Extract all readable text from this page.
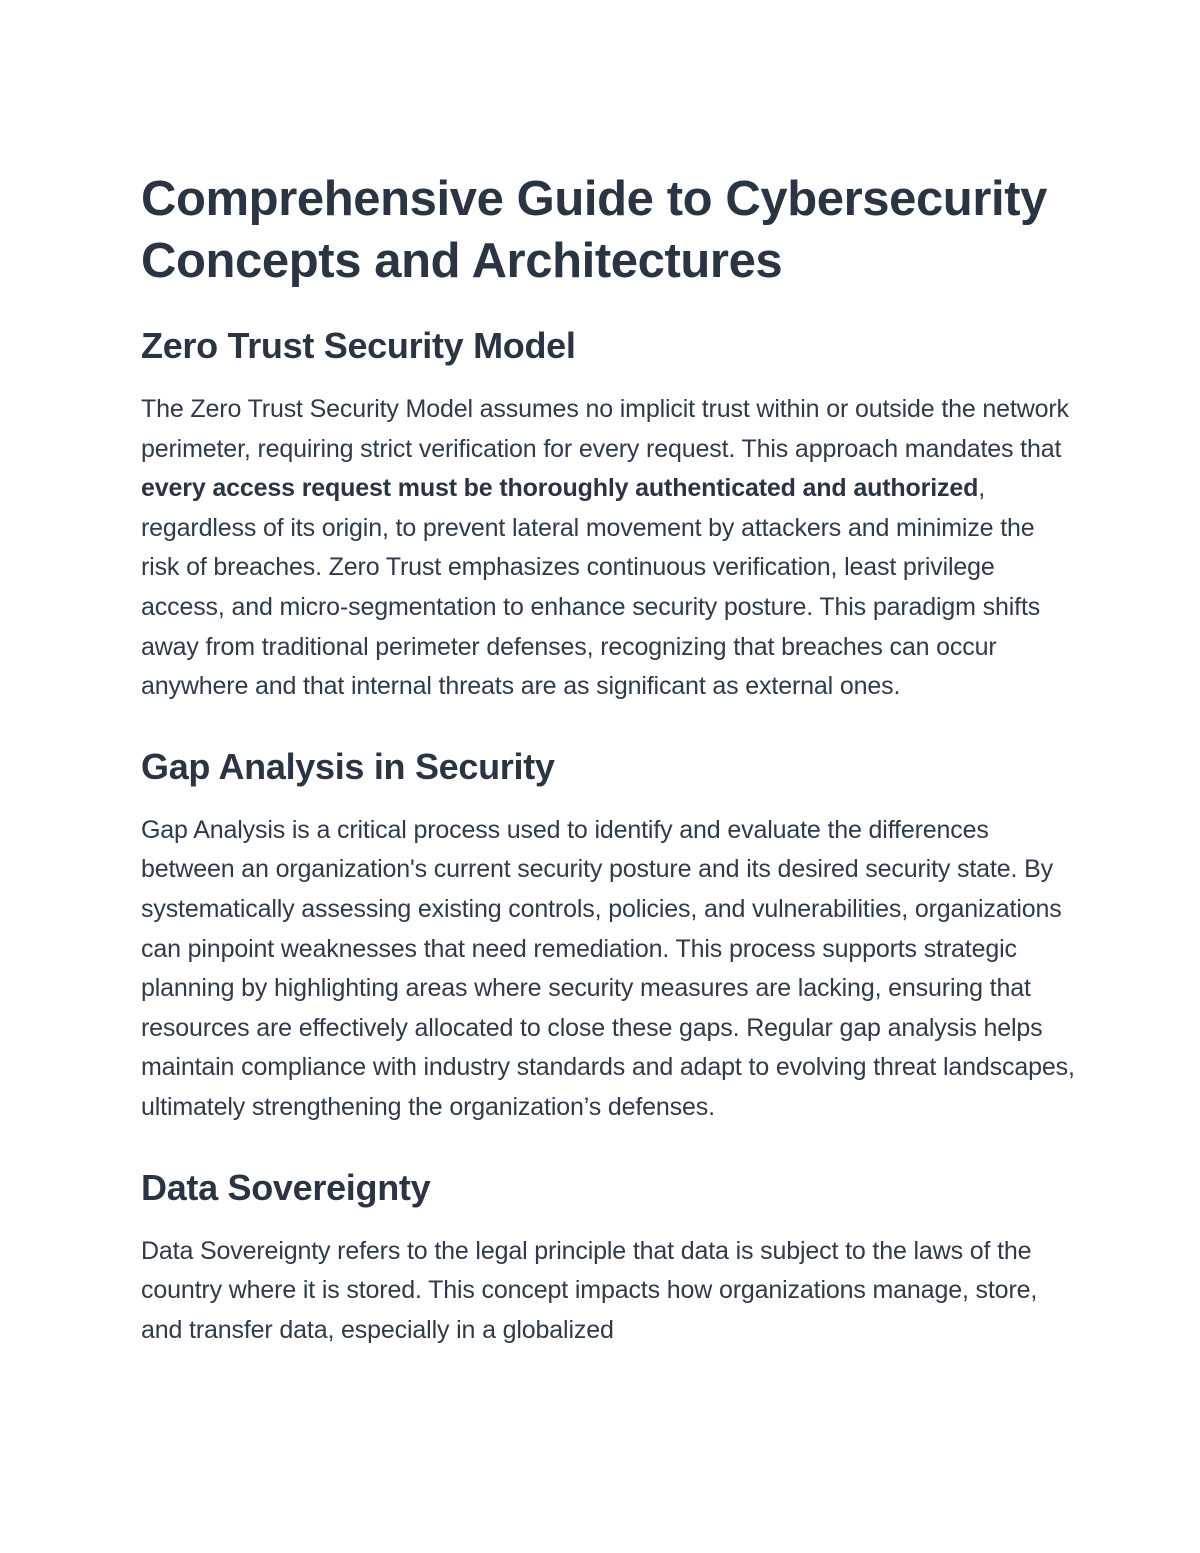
Comprehensive Guide to Cybersecurity
Concepts and Architectures
Zero Trust Security Model

The Zero Trust Security Model assumes no implicit trust within or outside the network perimeter, requiring strict verification for every request. This approach mandates that every access request must be thoroughly authenticated and authorized, regardless of its origin, to prevent lateral movement by attackers and minimize the risk of breaches. Zero Trust emphasizes continuous verification, least privilege access, and micro-segmentation to enhance security posture. This paradigm shifts away from traditional perimeter defenses, recognizing that breaches can occur anywhere and that internal threats are as significant as external ones.

Gap Analysis in Security

Gap Analysis is a critical process used to identify and evaluate the differences between an organization's current security posture and its desired security state. By systematically assessing existing controls, policies, and vulnerabilities, organizations can pinpoint weaknesses that need remediation. This process supports strategic planning by highlighting areas where security measures are lacking, ensuring that resources are effectively allocated to close these gaps. Regular gap analysis helps maintain compliance with industry standards and adapt to evolving threat landscapes, ultimately strengthening the organization’s defenses.

Data Sovereignty

Data Sovereignty refers to the legal principle that data is subject to the laws of the country where it is stored. This concept impacts how organizations manage, store, and transfer data, especially in a globalized
